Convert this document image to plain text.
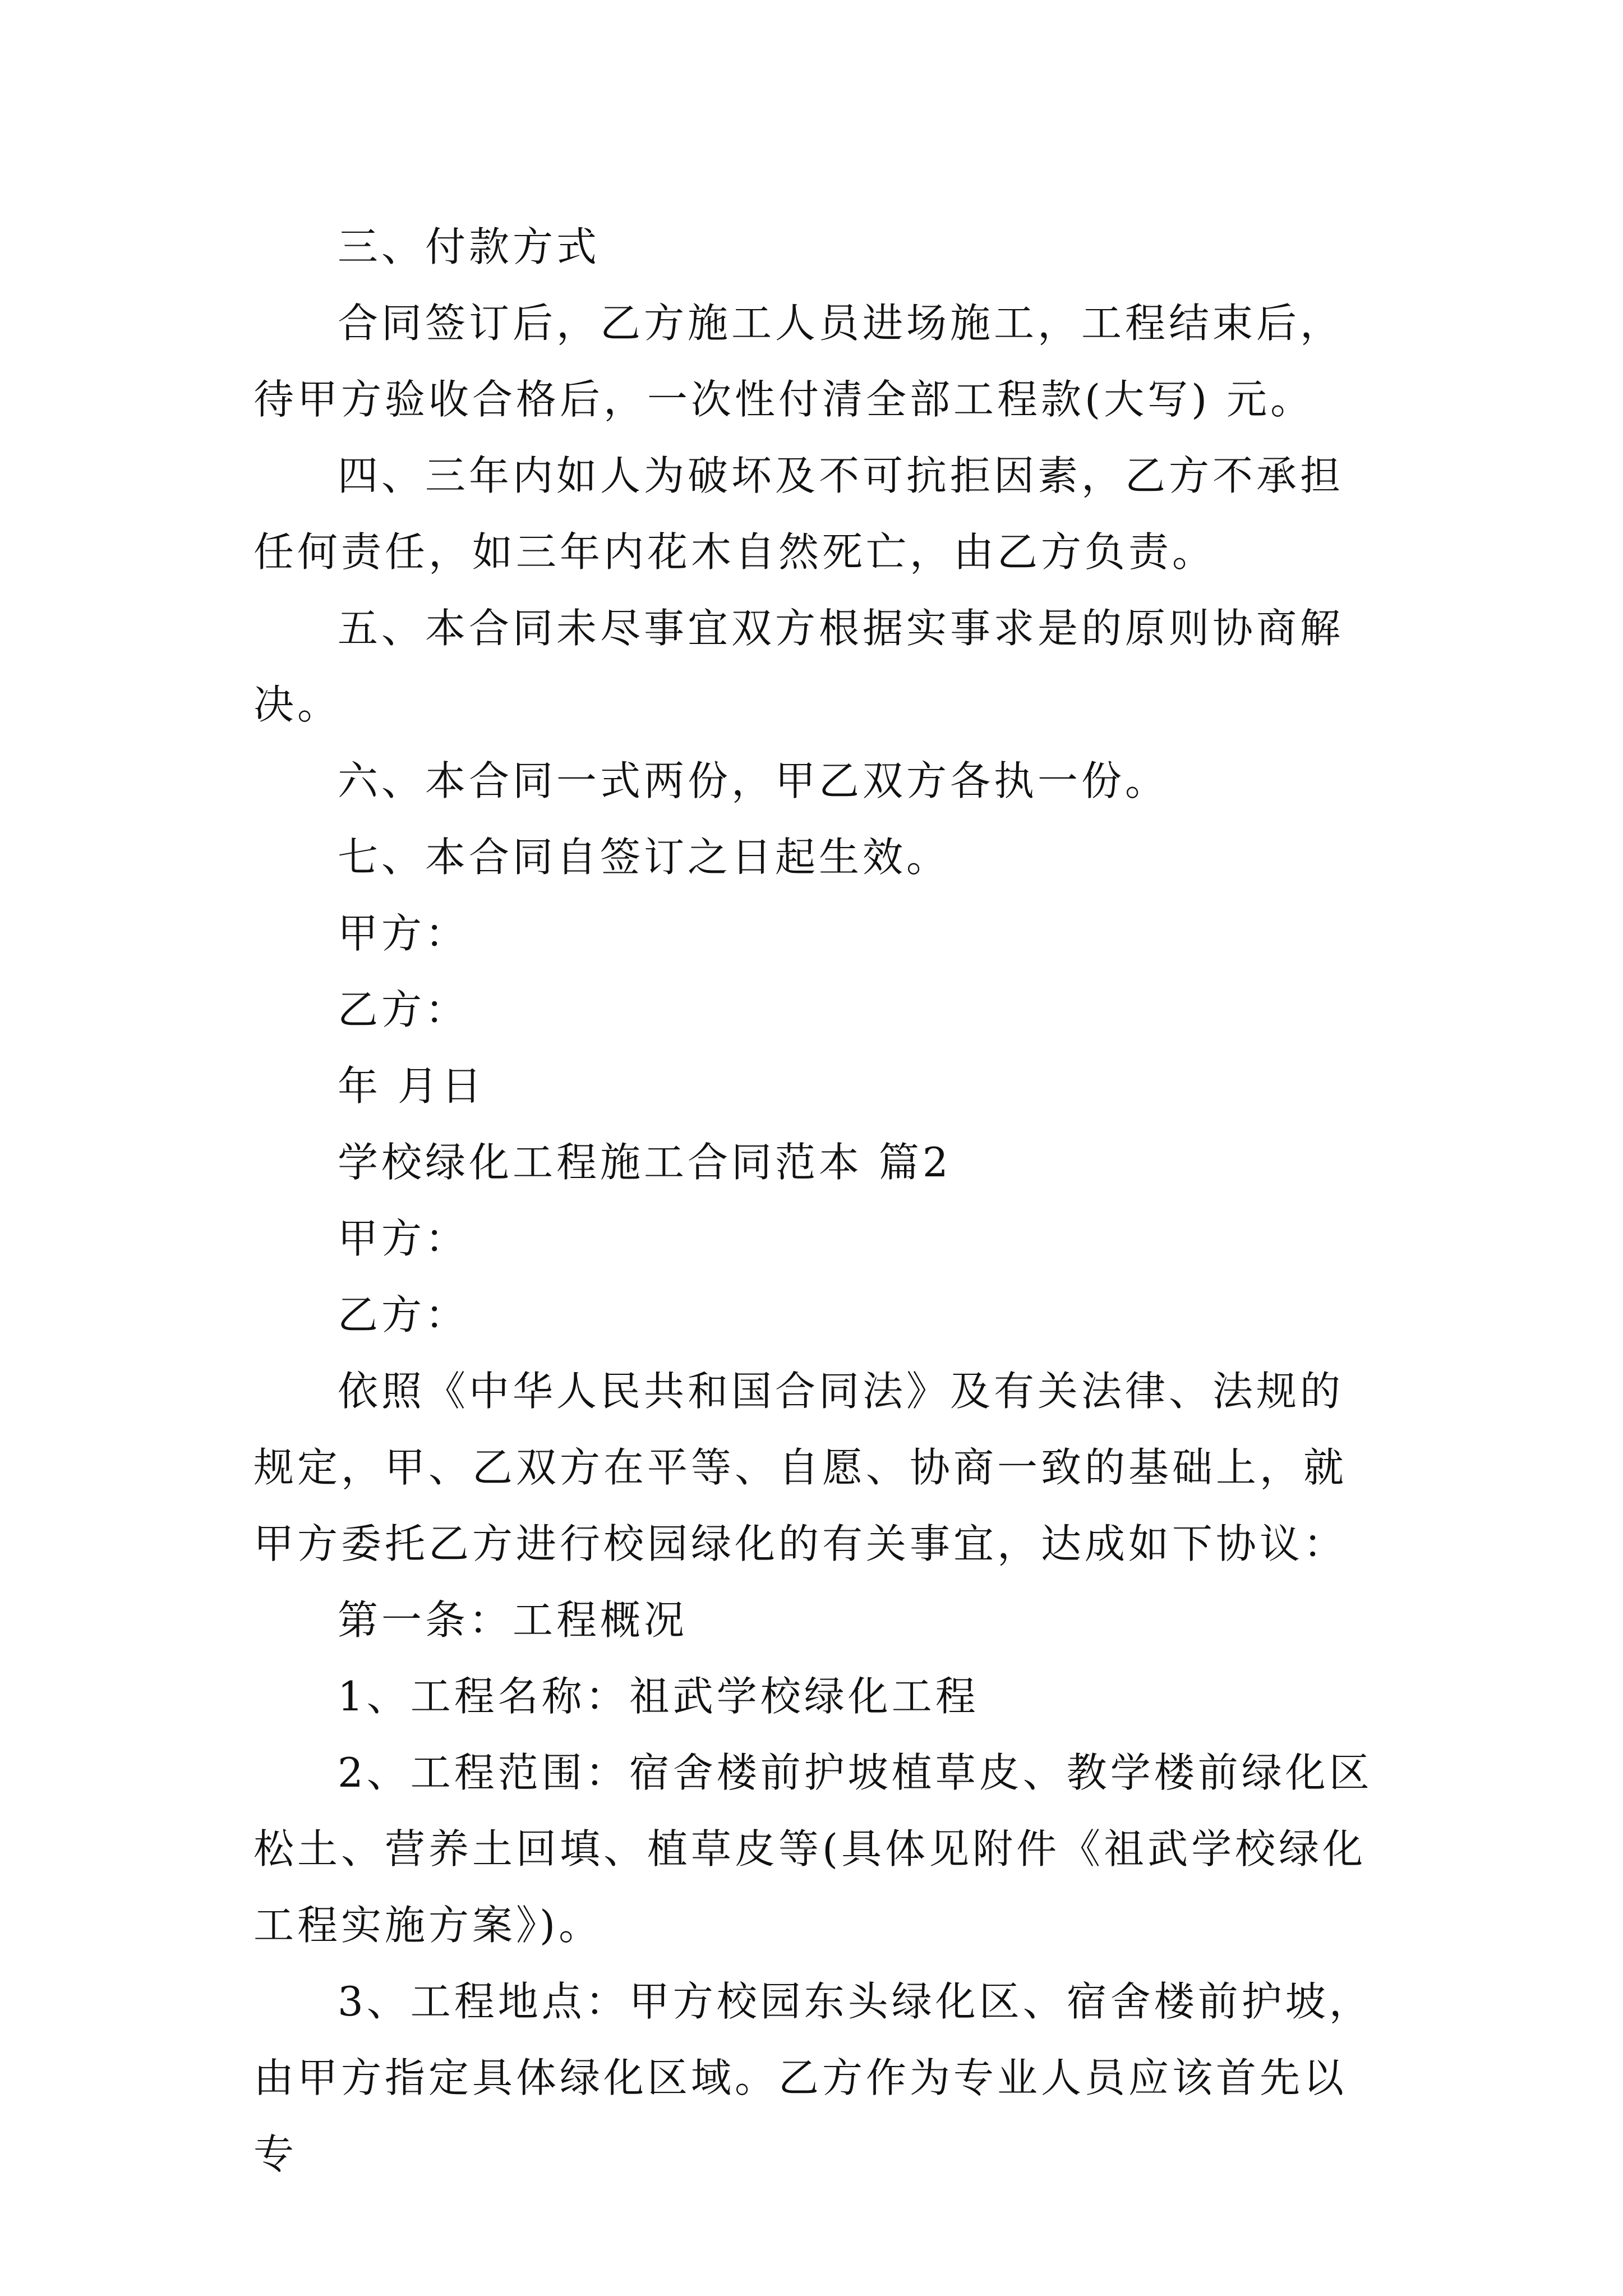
三、付款方式

合同签订后，乙方施工人员进场施工，工程结束后，待甲方验收合格后，一次性付清全部工程款(大写) 元。

四、三年内如人为破坏及不可抗拒因素，乙方不承担任何责任，如三年内花木自然死亡，由乙方负责。

五、本合同未尽事宜双方根据实事求是的原则协商解决。

六、本合同一式两份，甲乙双方各执一份。

七、本合同自签订之日起生效。

甲方：

乙方：

年 月日

学校绿化工程施工合同范本 篇2

甲方：

乙方：

依照《中华人民共和国合同法》及有关法律、法规的规定，甲、乙双方在平等、自愿、协商一致的基础上，就甲方委托乙方进行校园绿化的有关事宜，达成如下协议：

第一条：工程概况

1、工程名称：祖武学校绿化工程

2、工程范围：宿舍楼前护坡植草皮、教学楼前绿化区松土、营养土回填、植草皮等(具体见附件《祖武学校绿化工程实施方案》)。

3、工程地点：甲方校园东头绿化区、宿舍楼前护坡，由甲方指定具体绿化区域。乙方作为专业人员应该首先以专
